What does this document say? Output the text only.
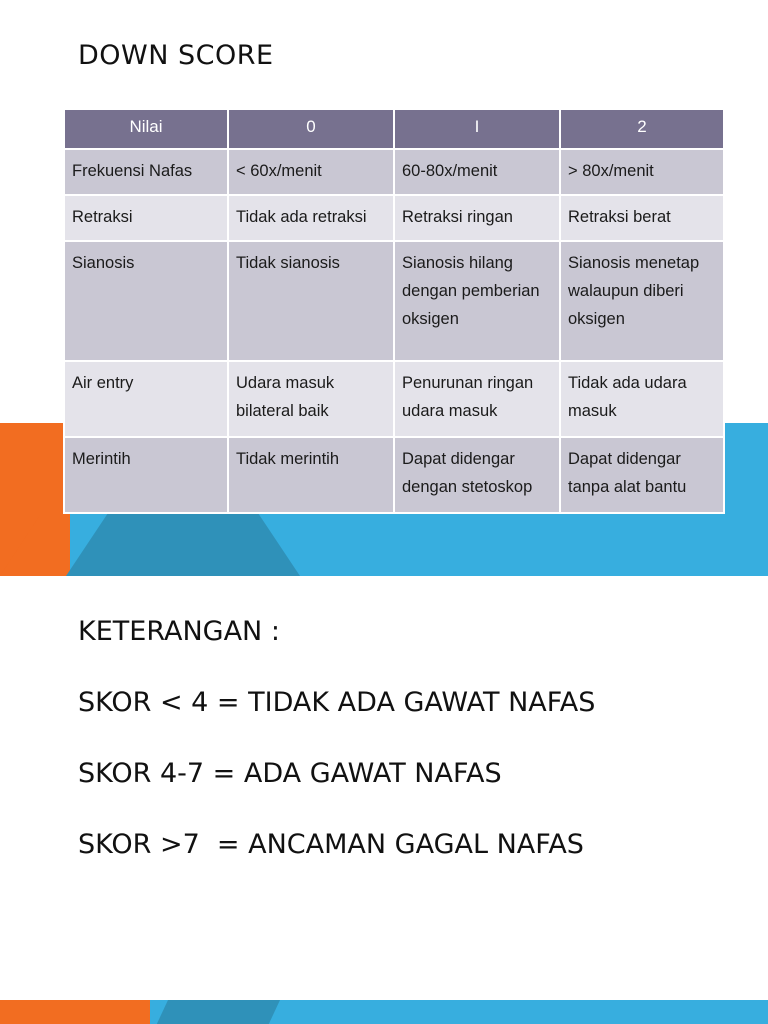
DOWN SCORE
Nilai	0	I	2
Frekuensi Nafas	< 60x/menit	60-80x/menit	> 80x/menit
Retraksi	Tidak ada retraksi	Retraksi ringan	Retraksi berat
Sianosis	Tidak sianosis	Sianosis hilang dengan pemberian oksigen	Sianosis menetap walaupun diberi oksigen
Air entry	Udara masuk bilateral baik	Penurunan ringan udara masuk	Tidak ada udara masuk
Merintih	Tidak merintih	Dapat didengar dengan stetoskop	Dapat didengar tanpa alat bantu

KETERANGAN :

SKOR < 4 = TIDAK ADA GAWAT NAFAS

SKOR 4-7 = ADA GAWAT NAFAS

SKOR >7  = ANCAMAN GAGAL NAFAS
